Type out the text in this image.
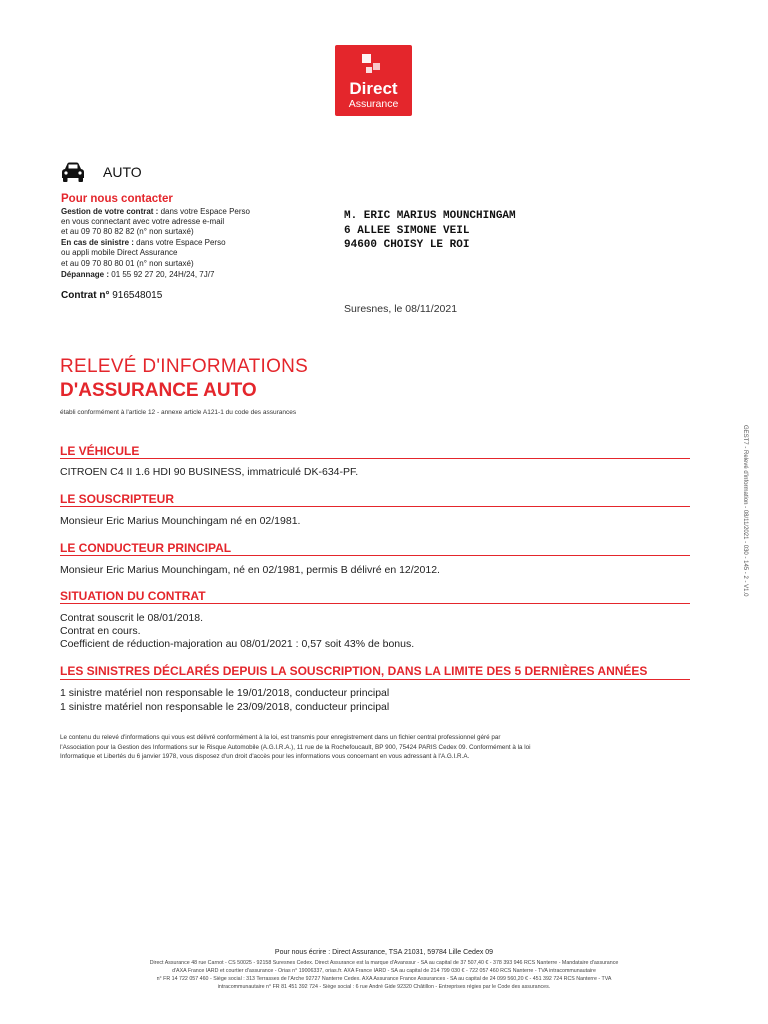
Direct
Assurance
AUTO
Pour nous contacter
Gestion de votre contrat : dans votre Espace Perso
en vous connectant avec votre adresse e-mail
et au 09 70 80 82 82 (n° non surtaxé)
En cas de sinistre : dans votre Espace Perso
ou appli mobile Direct Assurance
et au 09 70 80 80 01 (n° non surtaxé)
Dépannage : 01 55 92 27 20, 24H/24, 7J/7
Contrat n° 916548015
M. ERIC MARIUS MOUNCHINGAM
6 ALLEE SIMONE VEIL
94600 CHOISY LE ROI
Suresnes, le 08/11/2021
RELEVÉ D'INFORMATIONS
D'ASSURANCE AUTO
établi conformément à l'article 12 - annexe article A121-1 du code des assurances
LE VÉHICULE
CITROEN C4 II 1.6 HDI 90 BUSINESS, immatriculé DK-634-PF.
LE SOUSCRIPTEUR
Monsieur Eric Marius Mounchingam né en 02/1981.
LE CONDUCTEUR PRINCIPAL
Monsieur Eric Marius Mounchingam, né en 02/1981, permis B délivré en 12/2012.
SITUATION DU CONTRAT
Contrat souscrit le 08/01/2018.
Contrat en cours.
Coefficient de réduction-majoration au 08/01/2021 : 0,57 soit 43% de bonus.
LES SINISTRES DÉCLARÉS DEPUIS LA SOUSCRIPTION, DANS LA LIMITE DES 5 DERNIÈRES ANNÉES
1 sinistre matériel non responsable le 19/01/2018, conducteur principal
1 sinistre matériel non responsable le 23/09/2018, conducteur principal
Le contenu du relevé d'informations qui vous est délivré conformément à la loi, est transmis pour enregistrement dans un fichier central professionnel géré par
l'Association pour la Gestion des Informations sur le Risque Automobile (A.G.I.R.A.), 11 rue de la Rochefoucault, BP 900, 75424 PARIS Cedex 09. Conformément à la loi
Informatique et Libertés du 6 janvier 1978, vous disposez d'un droit d'accès pour les informations vous concernant en vous adressant à l'A.G.I.R.A.
GEST7 - Relevé d'information - 08/11/2021 - 030 - 145 - 2 - V1.0
Pour nous écrire : Direct Assurance, TSA 21031, 59784 Lille Cedex 09
Direct Assurance 48 rue Carnot - CS 50025 - 92158 Suresnes Cedex. Direct Assurance est la marque d'Avanssur - SA au capital de 37 507,40 € - 378 393 946 RCS Nanterre - Mandataire d'assurance
d'AXA France IARD et courtier d'assurance - Orias n° 19006337, orias.fr. AXA France IARD - SA au capital de 214 799 030 € - 722 057 460 RCS Nanterre - TVA intracommunautaire
n° FR 14 722 057 460 - Siège social : 313 Terrasses de l'Arche 92727 Nanterre Cedex. AXA Assurance France Assurances - SA au capital de 24 099 560,20 € - 451 392 724 RCS Nanterre - TVA
intracommunautaire n° FR 81 451 392 724 - Siège social : 6 rue André Gide 92320 Châtillon - Entreprises régies par le Code des assurances.
